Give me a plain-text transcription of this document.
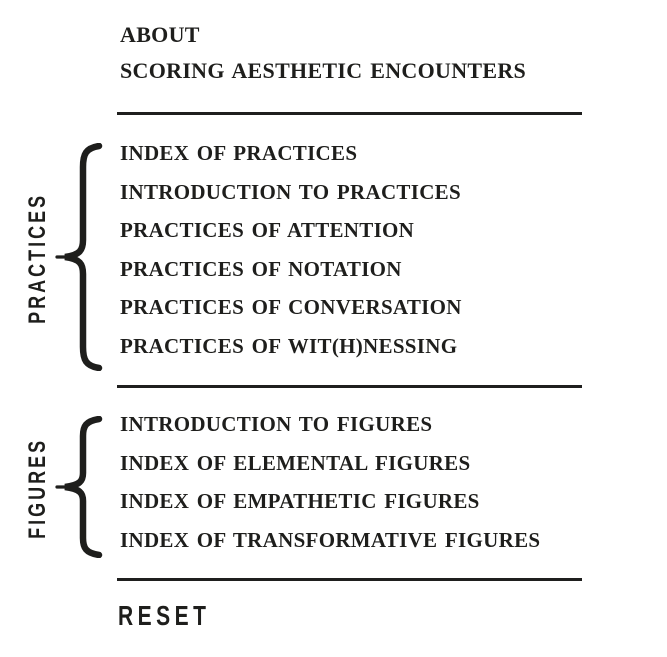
ABOUT
SCORING AESTHETIC ENCOUNTERS
PRACTICES
INDEX OF PRACTICES
INTRODUCTION TO PRACTICES
PRACTICES OF ATTENTION
PRACTICES OF NOTATION
PRACTICES OF CONVERSATION
PRACTICES OF WIT(H)NESSING
FIGURES
INTRODUCTION TO FIGURES
INDEX OF ELEMENTAL FIGURES
INDEX OF EMPATHETIC FIGURES
INDEX OF TRANSFORMATIVE FIGURES
RESET
